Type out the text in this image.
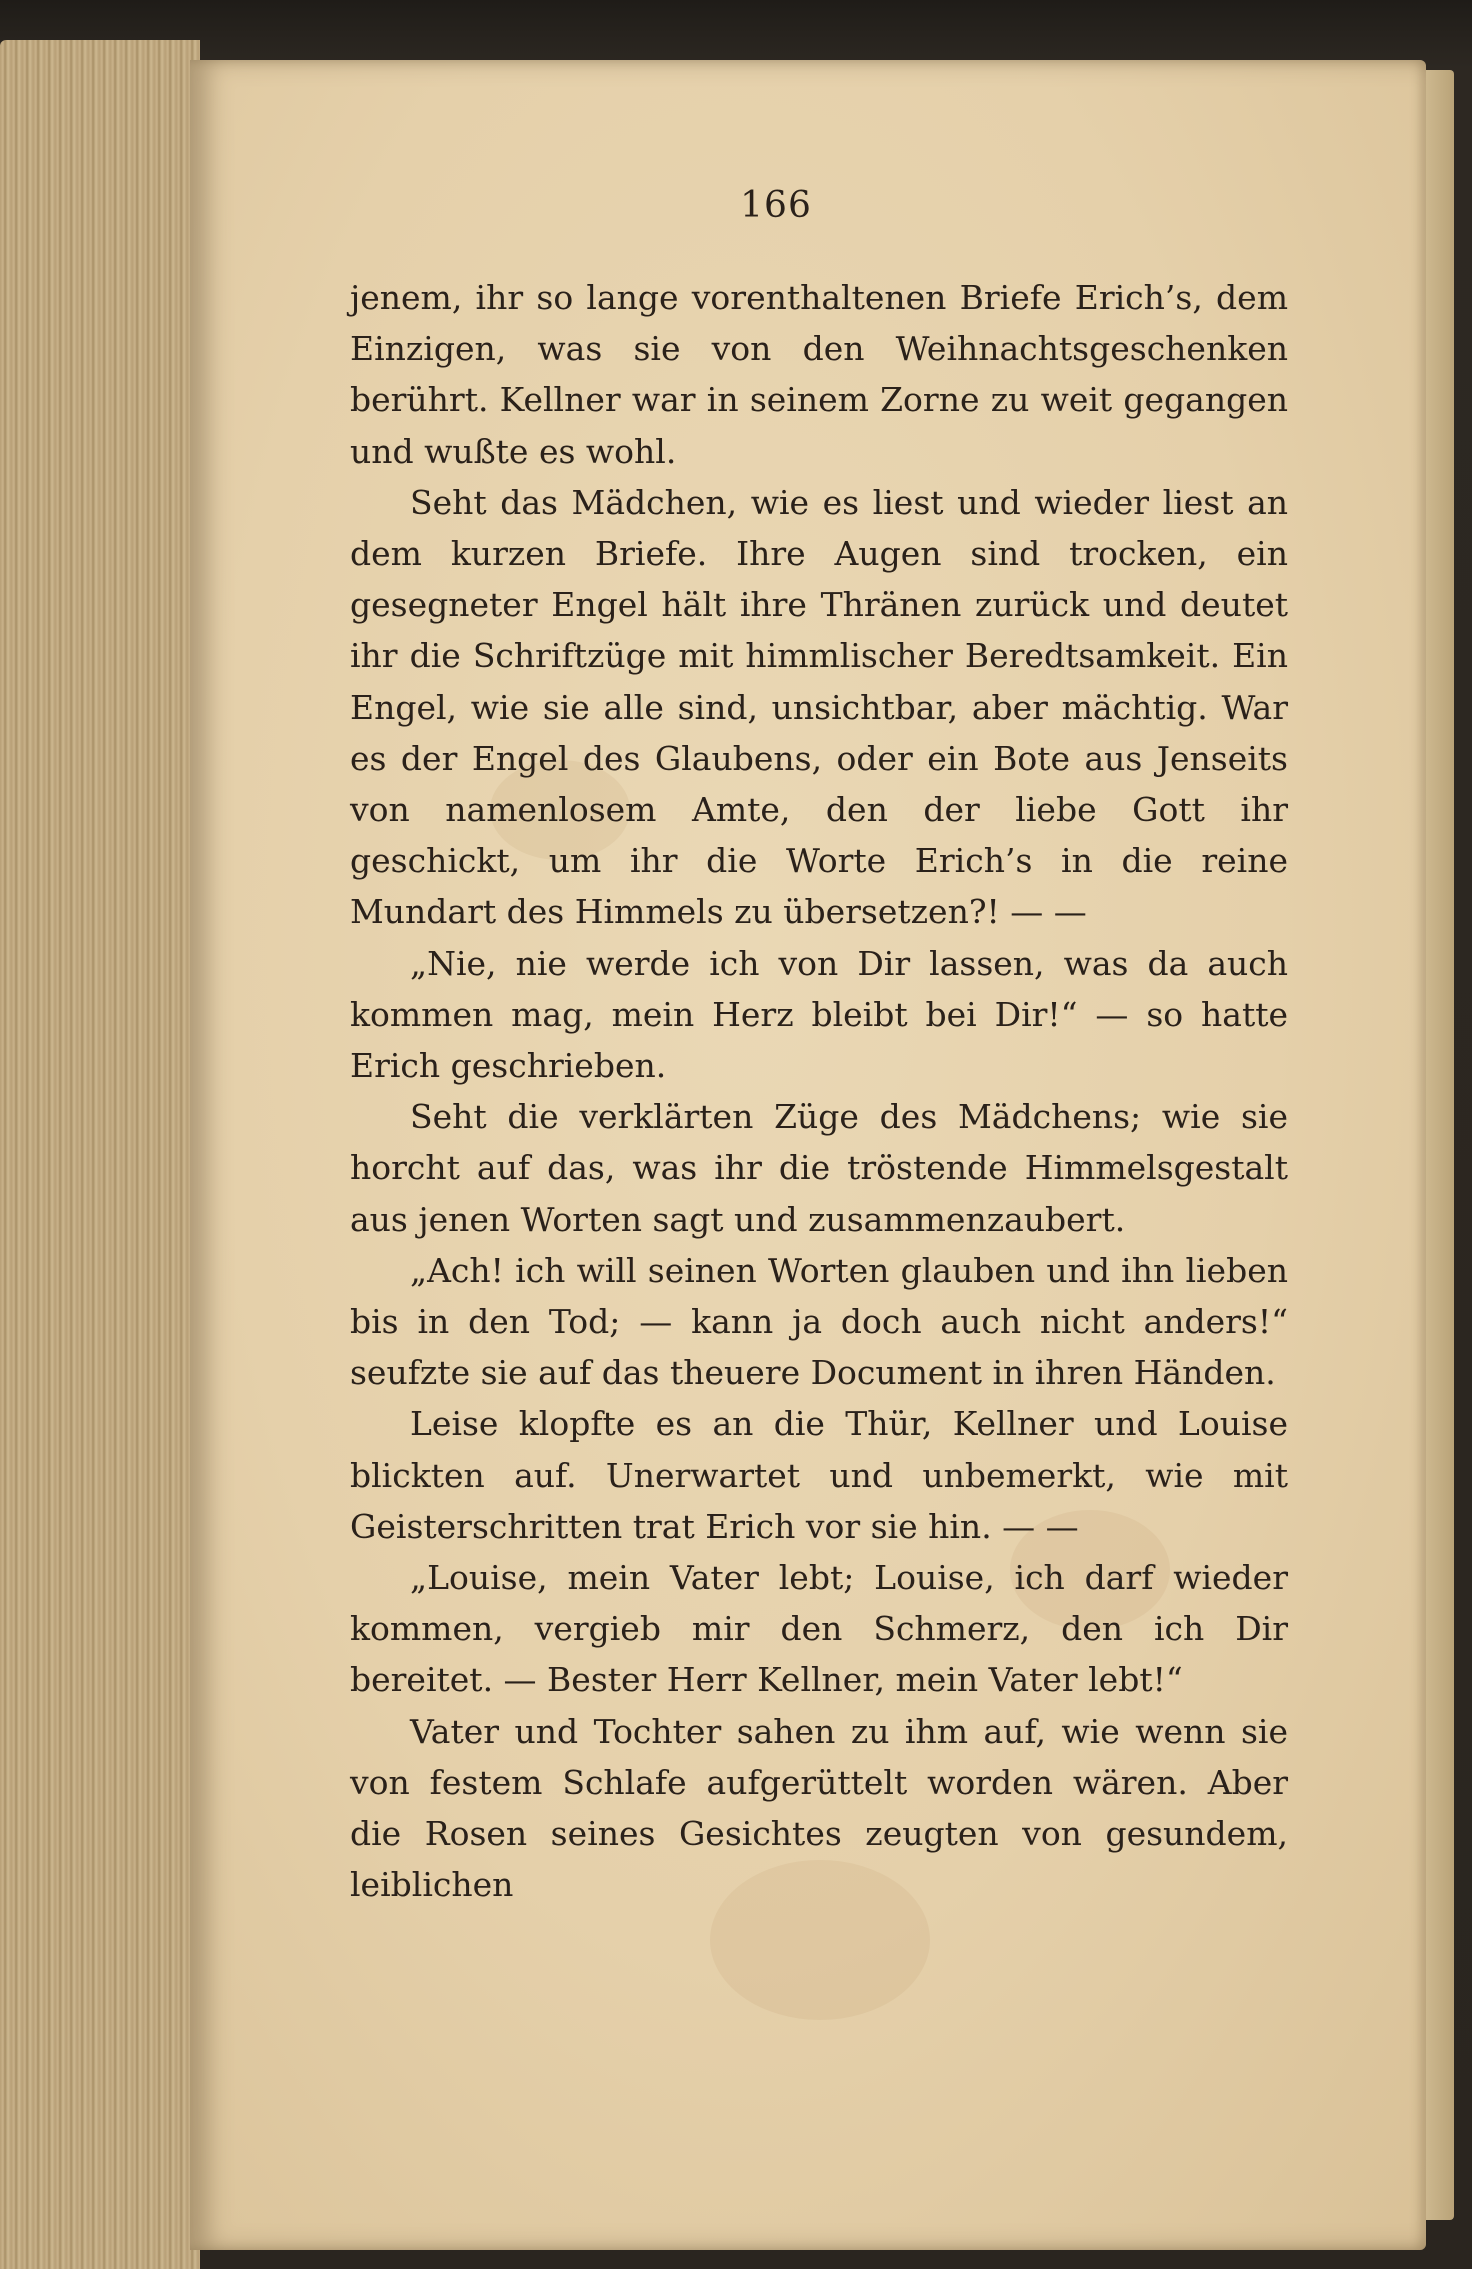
166

jenem, ihr so lange vorenthaltenen Briefe Erich’s, dem Einzigen, was sie von den Weihnachtsgeschenken berührt. Kellner war in seinem Zorne zu weit gegangen und wußte es wohl.

Seht das Mädchen, wie es liest und wieder liest an dem kurzen Briefe. Ihre Augen sind trocken, ein gesegneter Engel hält ihre Thränen zurück und deutet ihr die Schriftzüge mit himmlischer Beredtsamkeit. Ein Engel, wie sie alle sind, unsichtbar, aber mächtig. War es der Engel des Glaubens, oder ein Bote aus Jenseits von namenlosem Amte, den der liebe Gott ihr geschickt, um ihr die Worte Erich’s in die reine Mundart des Himmels zu übersetzen?! — —

„Nie, nie werde ich von Dir lassen, was da auch kommen mag, mein Herz bleibt bei Dir!“ — so hatte Erich geschrieben.

Seht die verklärten Züge des Mädchens; wie sie horcht auf das, was ihr die tröstende Himmelsgestalt aus jenen Worten sagt und zusammenzaubert.

„Ach! ich will seinen Worten glauben und ihn lieben bis in den Tod; — kann ja doch auch nicht anders!“ seufzte sie auf das theuere Document in ihren Händen.

Leise klopfte es an die Thür, Kellner und Louise blickten auf. Unerwartet und unbemerkt, wie mit Geisterschritten trat Erich vor sie hin. — —

„Louise, mein Vater lebt; Louise, ich darf wieder kommen, vergieb mir den Schmerz, den ich Dir bereitet. — Bester Herr Kellner, mein Vater lebt!“

Vater und Tochter sahen zu ihm auf, wie wenn sie von festem Schlafe aufgerüttelt worden wären. Aber die Rosen seines Gesichtes zeugten von gesundem, leiblichen
